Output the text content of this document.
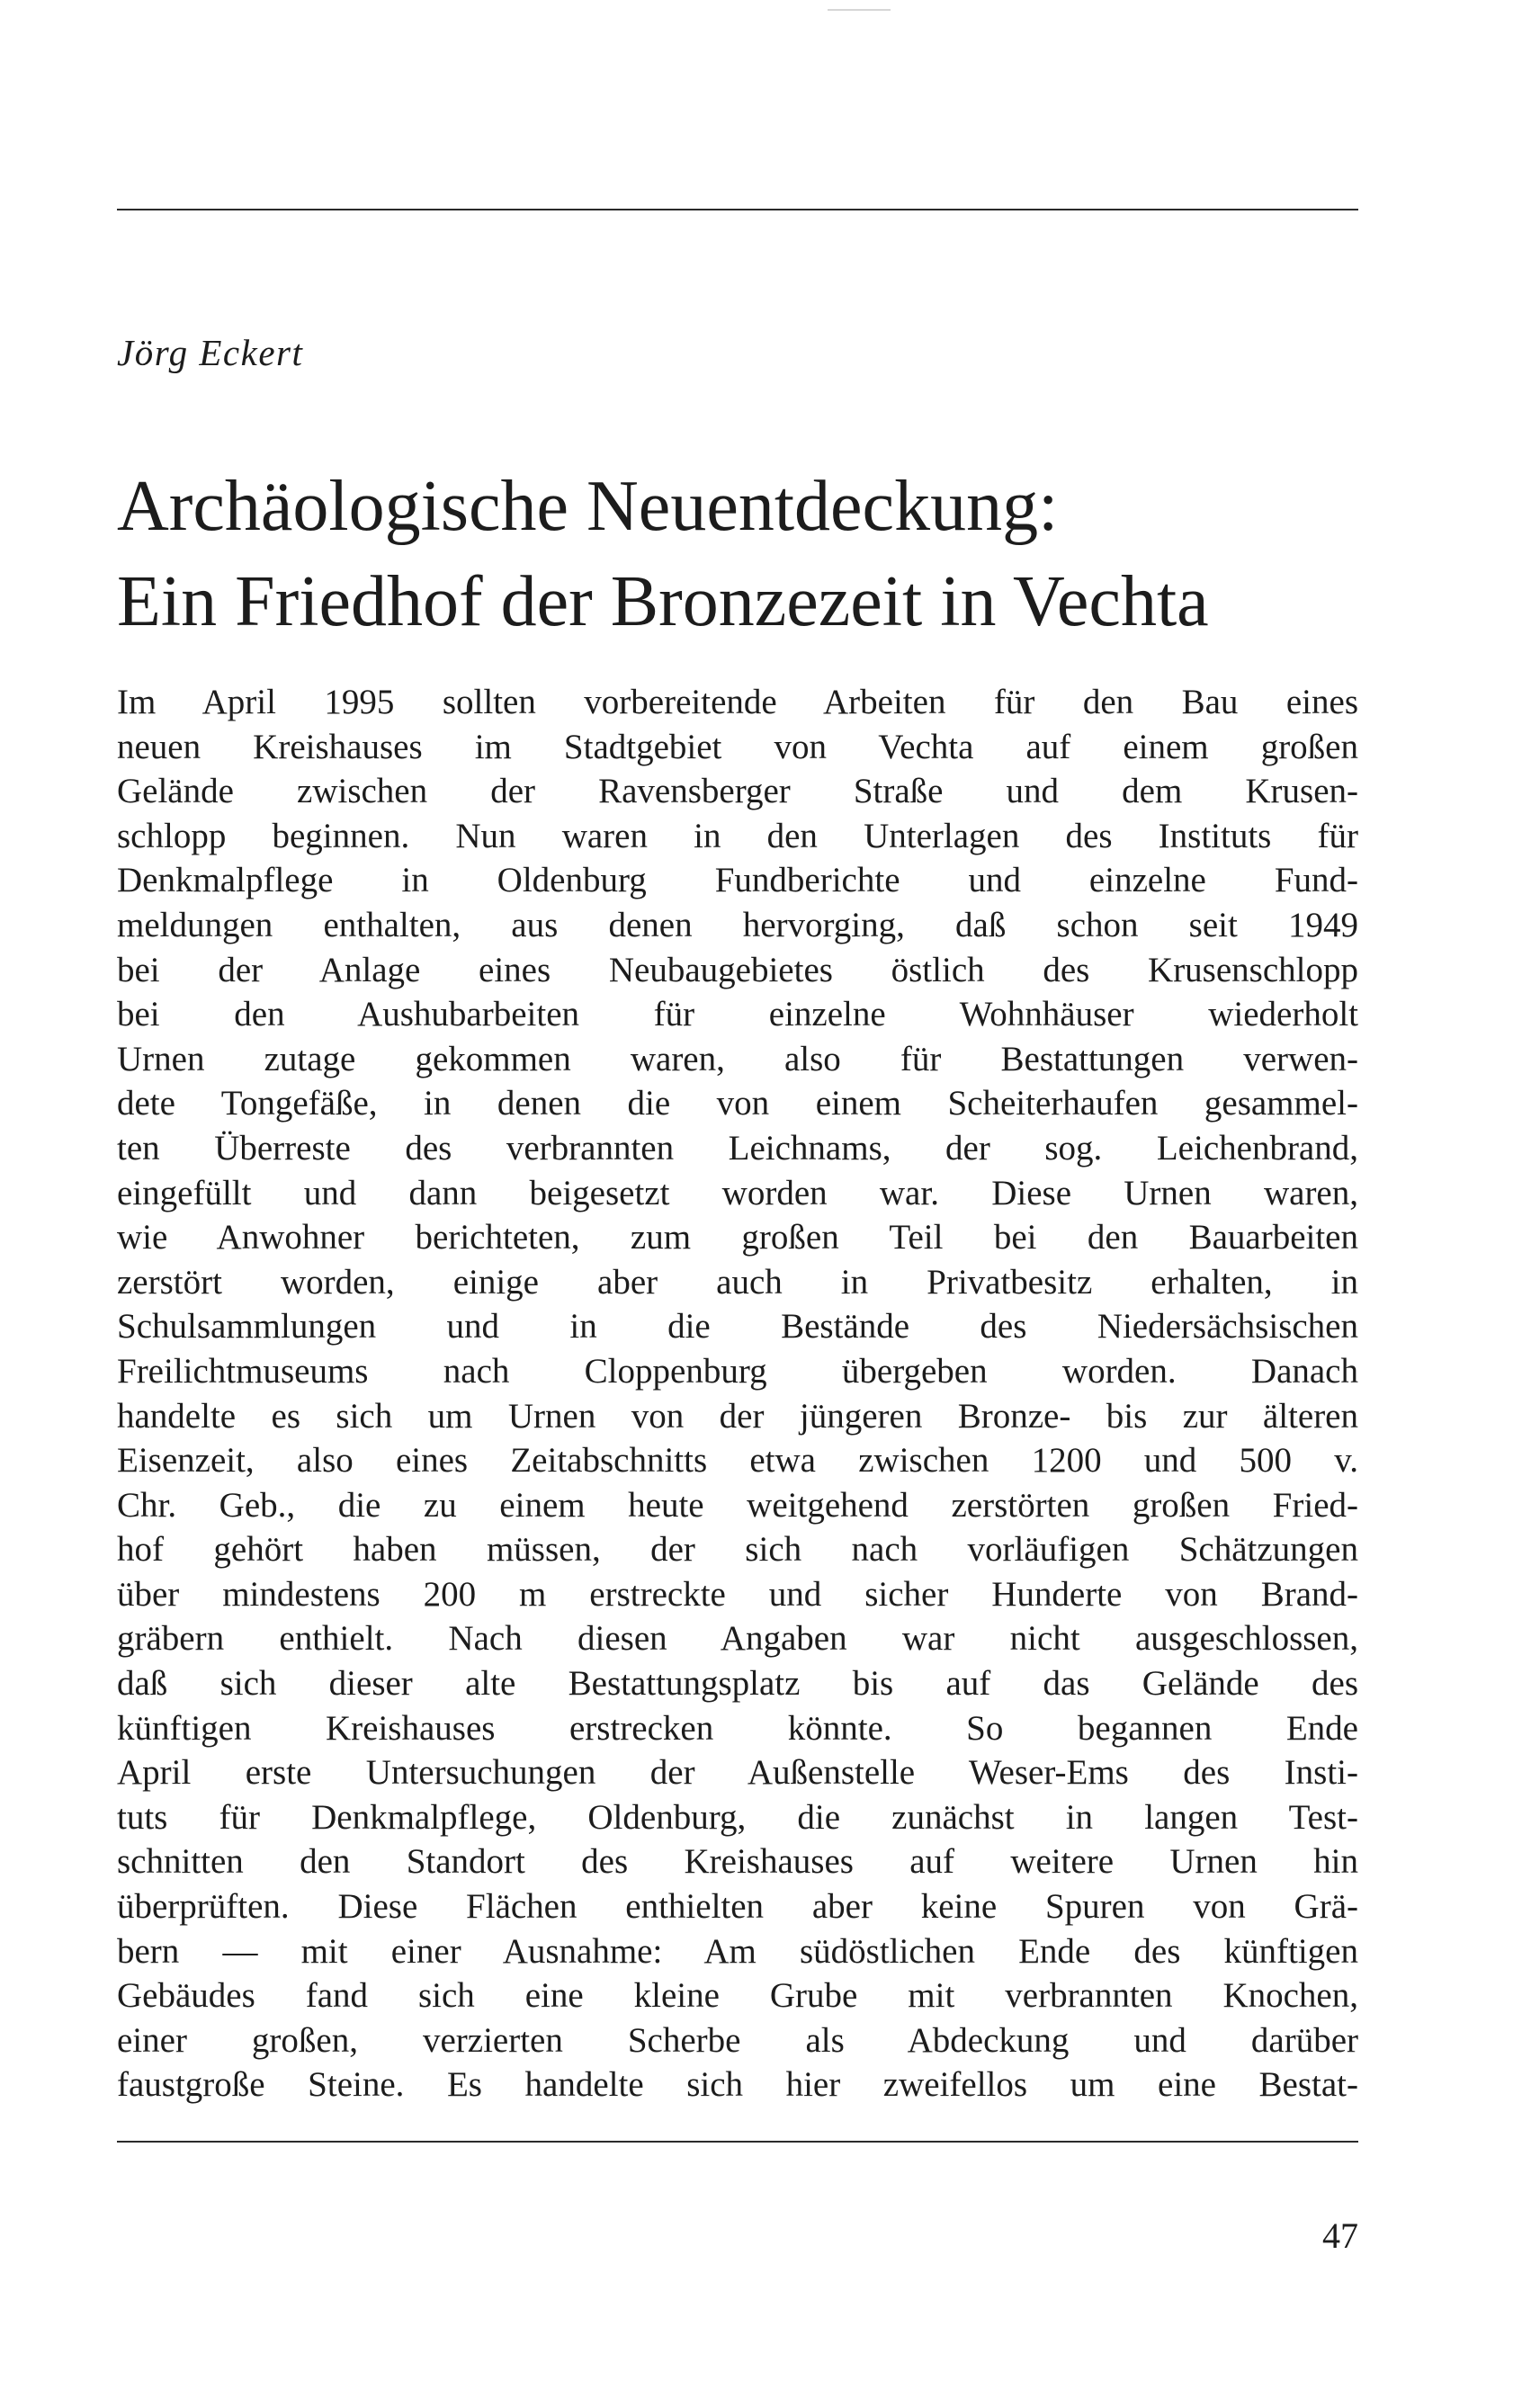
Jörg Eckert
Archäologische Neuentdeckung:
Ein Friedhof der Bronzezeit in Vechta
Im April 1995 sollten vorbereitende Arbeiten für den Bau eines
neuen Kreishauses im Stadtgebiet von Vechta auf einem großen
Gelände zwischen der Ravensberger Straße und dem Krusen-
schlopp beginnen. Nun waren in den Unterlagen des Instituts für
Denkmalpflege in Oldenburg Fundberichte und einzelne Fund-
meldungen enthalten, aus denen hervorging, daß schon seit 1949
bei der Anlage eines Neubaugebietes östlich des Krusenschlopp
bei den Aushubarbeiten für einzelne Wohnhäuser wiederholt
Urnen zutage gekommen waren, also für Bestattungen verwen-
dete Tongefäße, in denen die von einem Scheiterhaufen gesammel-
ten Überreste des verbrannten Leichnams, der sog. Leichenbrand,
eingefüllt und dann beigesetzt worden war. Diese Urnen waren,
wie Anwohner berichteten, zum großen Teil bei den Bauarbeiten
zerstört worden, einige aber auch in Privatbesitz erhalten, in
Schulsammlungen und in die Bestände des Niedersächsischen
Freilichtmuseums nach Cloppenburg übergeben worden. Danach
handelte es sich um Urnen von der jüngeren Bronze- bis zur älteren
Eisenzeit, also eines Zeitabschnitts etwa zwischen 1200 und 500 v.
Chr. Geb., die zu einem heute weitgehend zerstörten großen Fried-
hof gehört haben müssen, der sich nach vorläufigen Schätzungen
über mindestens 200 m erstreckte und sicher Hunderte von Brand-
gräbern enthielt. Nach diesen Angaben war nicht ausgeschlossen,
daß sich dieser alte Bestattungsplatz bis auf das Gelände des
künftigen Kreishauses erstrecken könnte. So begannen Ende
April erste Untersuchungen der Außenstelle Weser-Ems des Insti-
tuts für Denkmalpflege, Oldenburg, die zunächst in langen Test-
schnitten den Standort des Kreishauses auf weitere Urnen hin
überprüften. Diese Flächen enthielten aber keine Spuren von Grä-
bern — mit einer Ausnahme: Am südöstlichen Ende des künftigen
Gebäudes fand sich eine kleine Grube mit verbrannten Knochen,
einer großen, verzierten Scherbe als Abdeckung und darüber
faustgroße Steine. Es handelte sich hier zweifellos um eine Bestat-
47
